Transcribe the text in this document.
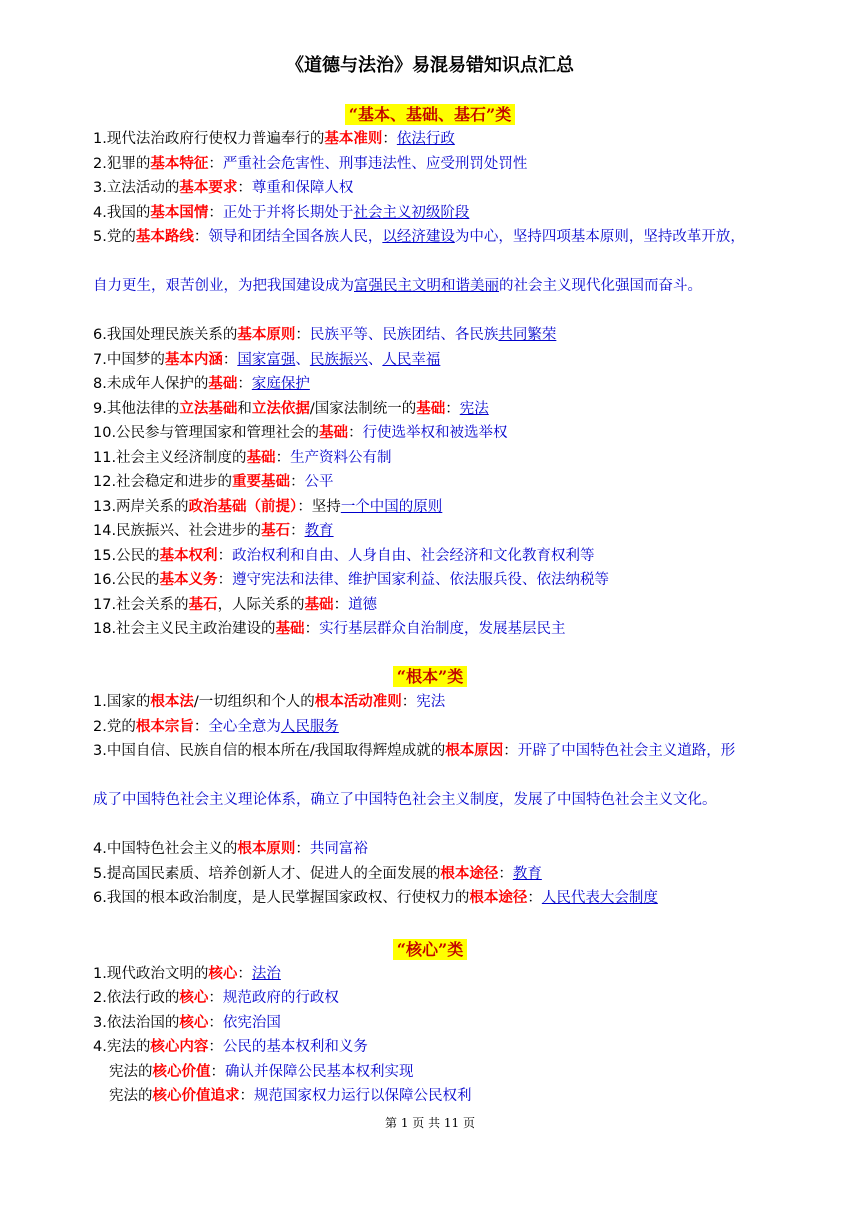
《道德与法治》易混易错知识点汇总
“基本、基础、基石”类
1.现代法治政府行使权力普遍奉行的基本准则：依法行政
2.犯罪的基本特征：严重社会危害性、刑事违法性、应受刑罚处罚性
3.立法活动的基本要求：尊重和保障人权
4.我国的基本国情：正处于并将长期处于社会主义初级阶段
5.党的基本路线：领导和团结全国各族人民，以经济建设为中心，坚持四项基本原则，坚持改革开放，
自力更生，艰苦创业，为把我国建设成为富强民主文明和谐美丽的社会主义现代化强国而奋斗。
6.我国处理民族关系的基本原则：民族平等、民族团结、各民族共同繁荣
7.中国梦的基本内涵：国家富强、民族振兴、人民幸福
8.未成年人保护的基础：家庭保护
9.其他法律的立法基础和立法依据/国家法制统一的基础：宪法
10.公民参与管理国家和管理社会的基础：行使选举权和被选举权
11.社会主义经济制度的基础：生产资料公有制
12.社会稳定和进步的重要基础：公平
13.两岸关系的政治基础（前提）：坚持一个中国的原则
14.民族振兴、社会进步的基石：教育
15.公民的基本权利：政治权利和自由、人身自由、社会经济和文化教育权利等
16.公民的基本义务：遵守宪法和法律、维护国家利益、依法服兵役、依法纳税等
17.社会关系的基石，人际关系的基础：道德
18.社会主义民主政治建设的基础：实行基层群众自治制度，发展基层民主
“根本”类
1.国家的根本法/一切组织和个人的根本活动准则：宪法
2.党的根本宗旨：全心全意为人民服务
3.中国自信、民族自信的根本所在/我国取得辉煌成就的根本原因：开辟了中国特色社会主义道路，形
成了中国特色社会主义理论体系，确立了中国特色社会主义制度，发展了中国特色社会主义文化。
4.中国特色社会主义的根本原则：共同富裕
5.提高国民素质、培养创新人才、促进人的全面发展的根本途径：教育
6.我国的根本政治制度，是人民掌握国家政权、行使权力的根本途径：人民代表大会制度
“核心”类
1.现代政治文明的核心：法治
2.依法行政的核心：规范政府的行政权
3.依法治国的核心：依宪治国
4.宪法的核心内容：公民的基本权利和义务
宪法的核心价值：确认并保障公民基本权利实现
宪法的核心价值追求：规范国家权力运行以保障公民权利
第 1 页 共 11 页
